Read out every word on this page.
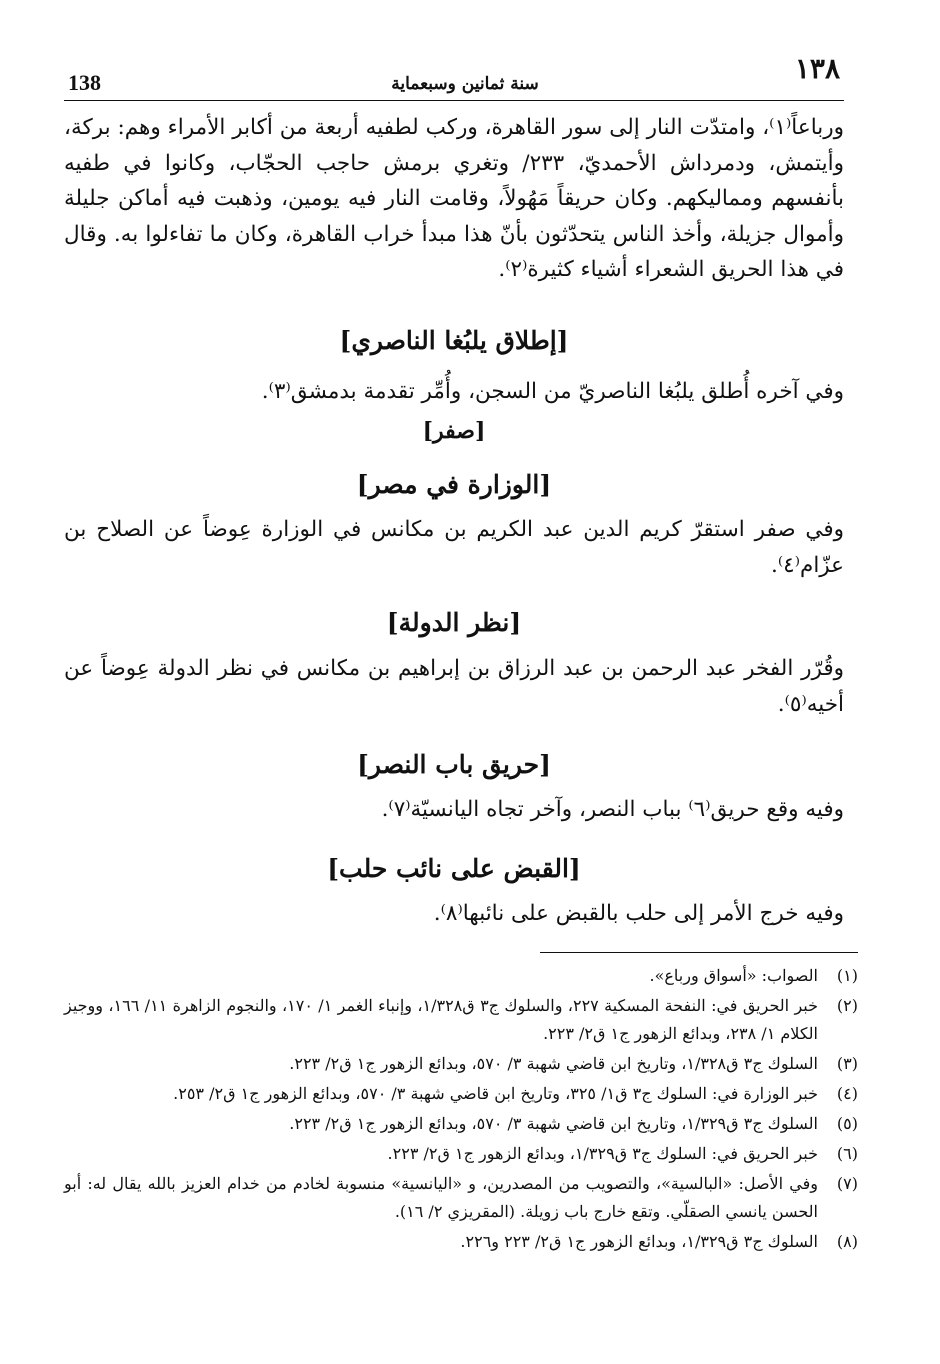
138	سنة ثمانين وسبعماية	١٣٨
ورباعاً⁽١⁾، وامتدّت النار إلى سور القاهرة، وركب لطفيه أربعة من أكابر الأمراء وهم: بركة، وأيتمش، ودمرداش الأحمديّ، ٢٣٣/ وتغري برمش حاجب الحجّاب، وكانوا في طفيه بأنفسهم ومماليكهم. وكان حريقاً مَهُولاً، وقامت النار فيه يومين، وذهبت فيه أماكن جليلة وأموال جزيلة، وأخذ الناس يتحدّثون بأنّ هذا مبدأ خراب القاهرة، وكان ما تفاءلوا به. وقال في هذا الحريق الشعراء أشياء كثيرة⁽٢⁾.
[إطلاق يلبُغا الناصري]
وفي آخره أُطلق يلبُغا الناصريّ من السجن، وأُمِّر تقدمة بدمشق⁽٣⁾.
[صفر]
[الوزارة في مصر]
وفي صفر استقرّ كريم الدين عبد الكريم بن مكانس في الوزارة عِوضاً عن الصلاح بن عزّام⁽٤⁾.
[نظر الدولة]
وقُرّر الفخر عبد الرحمن بن عبد الرزاق بن إبراهيم بن مكانس في نظر الدولة عِوضاً عن أخيه⁽٥⁾.
[حريق باب النصر]
وفيه وقع حريق⁽٦⁾ بباب النصر، وآخر تجاه اليانسيّة⁽٧⁾.
[القبض على نائب حلب]
وفيه خرج الأمر إلى حلب بالقبض على نائبها⁽٨⁾.
(١)
الصواب: «أسواق ورباع».
(٢)
خبر الحريق في: النفحة المسكية ٢٢٧، والسلوك ج٣ ق١/٣٢٨، وإنباء الغمر ١/ ١٧٠، والنجوم الزاهرة ١١/ ١٦٦، ووجيز الكلام ١/ ٢٣٨، وبدائع الزهور ج١ ق٢/ ٢٢٣.
(٣)
السلوك ج٣ ق١/٣٢٨، وتاريخ ابن قاضي شهبة ٣/ ٥٧٠، وبدائع الزهور ج١ ق٢/ ٢٢٣.
(٤)
خبر الوزارة في: السلوك ج٣ ق١/ ٣٢٥، وتاريخ ابن قاضي شهبة ٣/ ٥٧٠، وبدائع الزهور ج١ ق٢/ ٢٥٣.
(٥)
السلوك ج٣ ق١/٣٢٩، وتاريخ ابن قاضي شهبة ٣/ ٥٧٠، وبدائع الزهور ج١ ق٢/ ٢٢٣.
(٦)
خبر الحريق في: السلوك ج٣ ق١/٣٢٩، وبدائع الزهور ج١ ق٢/ ٢٢٣.
(٧)
وفي الأصل: «البالسية»، والتصويب من المصدرين، و «اليانسية» منسوبة لخادم من خدام العزيز بالله يقال له: أبو الحسن يانسي الصقلّي. وتقع خارج باب زويلة. (المقريزي ٢/ ١٦).
(٨)
السلوك ج٣ ق١/٣٢٩، وبدائع الزهور ج١ ق٢/ ٢٢٣ و٢٢٦.
